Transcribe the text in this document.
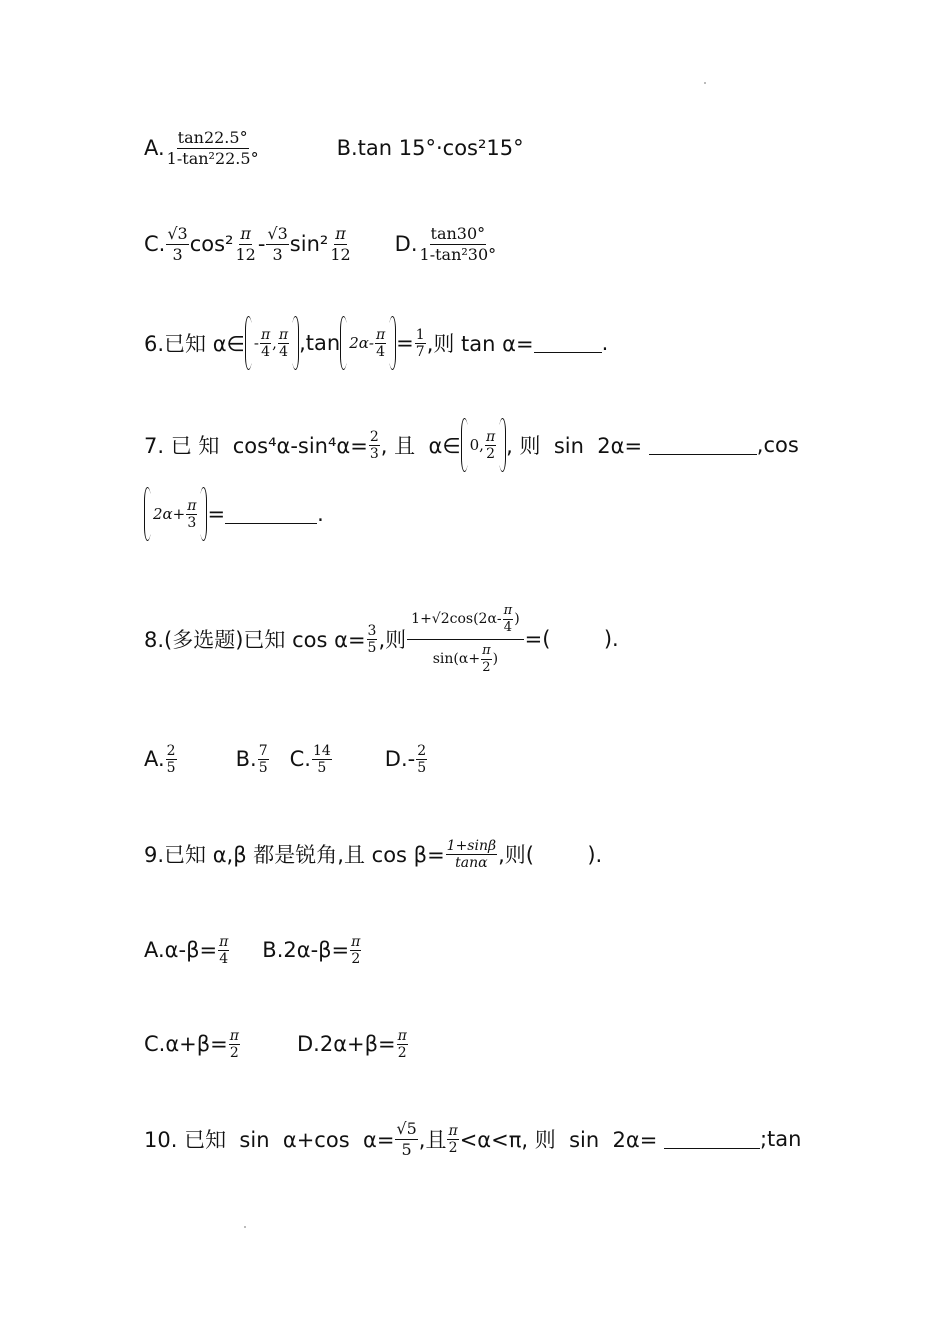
A. $\frac{\tan 22.5^\circ}{\text{1-tan²22.5°}}$	B.tan 15°·cos²15°
C. $\frac{√3}{3} \cos^2 \frac{\pi}{12} - \frac{√3}{3} \sin^2 \frac{\pi}{12} D$. $\frac{\tan 30^\circ}{\text{1-tan²30°}}$
6.已知 α∈ - $\frac{\pi}{4}$ , $\frac{\pi}{4} ,\tan$ $2\alpha- \frac{\pi}{4} = \frac{1}{7}$ ,则 tan α=	.
7. 已 知  $\cos^4\alpha-\sin^4\alpha= \frac{2}{3}$ , 且  α∈ 0, $\frac{\pi}{2}$ , 则  sin  2α=	,cos
$2\alpha+ \frac{\pi}{3}$ =	.
8.(多选题)已知 $\cos \alpha= \frac{3}{5}$ ,则 $\frac{1+√2\cos(2\alpha- \frac{\pi}{4} )}{\sin(\alpha+ \frac{\pi}{2} )}$ =(        ).
A. $\frac{2}{5}$	B. $\frac{7}{5} C$. $\frac{14}{5}$	$D.- \frac{2}{5}$
9.已知 α,β 都是锐角,且 $\cos \beta= \frac{1+\sin\beta}{\tan\alpha}$ ,则(        ).
$A.\alpha-\beta= \frac{\pi}{4} B.2\alpha-\beta= \frac{\pi}{2}$
$C.\alpha+\beta= \frac{\pi}{2}$	$D.2\alpha+\beta= \frac{\pi}{2}$
10. 已知  sin  α+cos  $\alpha= \frac{√5}{5}$ ,且 $\frac{\pi}{2} <\alpha<\pi$, 则  sin  2α=	;tan
